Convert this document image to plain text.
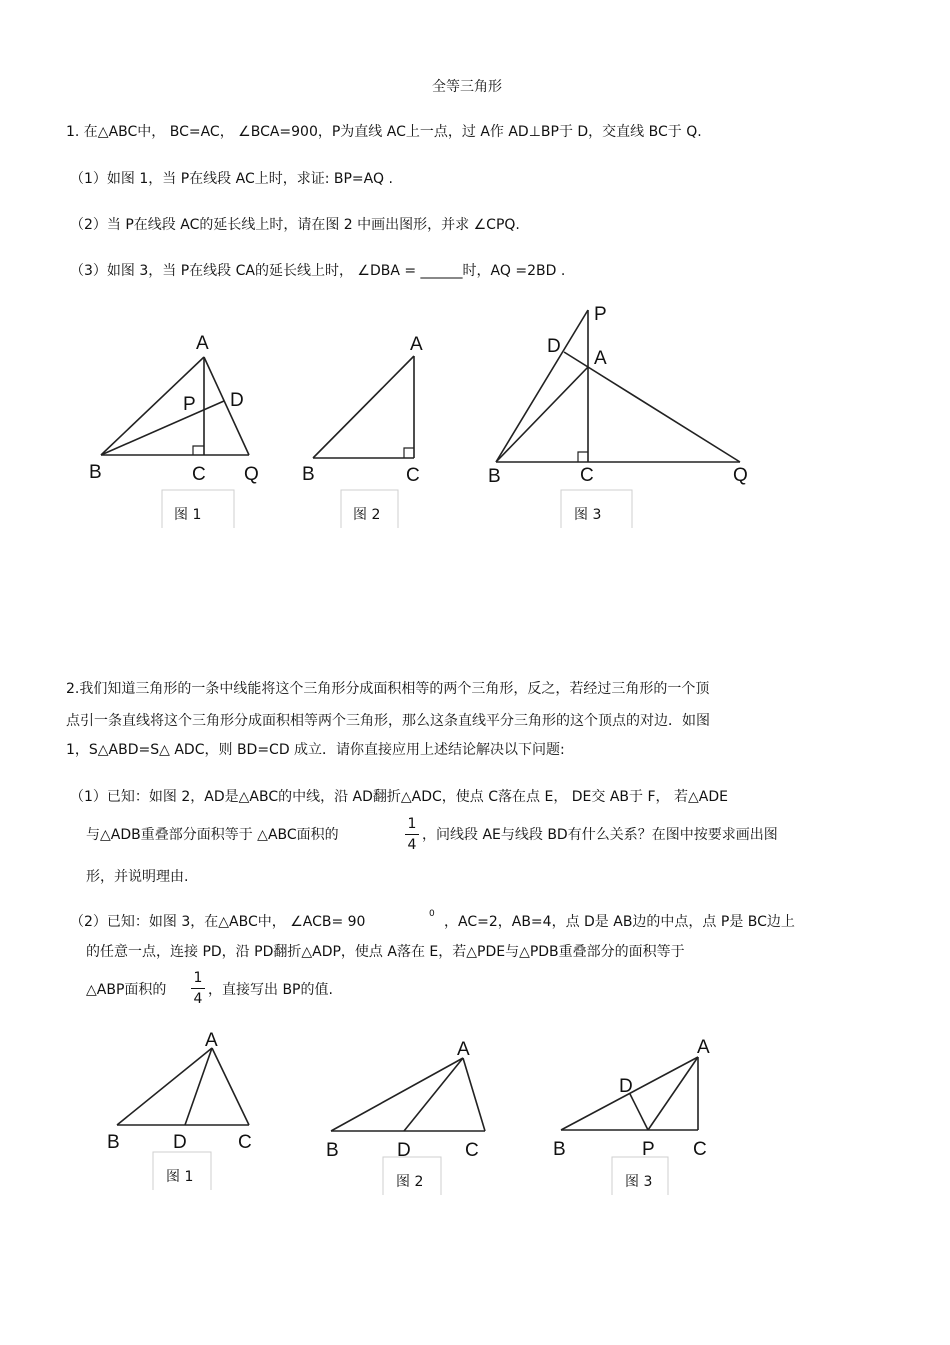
全等三角形
1. 在△ABC中， BC=AC， ∠BCA=900，P为直线 AC上一点，过 A作 AD⊥BP于 D，交直线 BC于 Q.
（1）如图 1，当 P在线段 AC上时，求证: BP=AQ .
（2）当 P在线段 AC的延长线上时，请在图 2 中画出图形，并求 ∠CPQ.
（3）如图 3，当 P在线段 CA的延长线上时， ∠DBA = ______时，AQ =2BD .
A
P D
B	C Q
图 1
A
B	C
图 2
P
D
A
B	C	Q
图 3
A
B	D	C
图 1
A
B	D	C
图 2
A
D
B	P C
图 3
2.我们知道三角形的一条中线能将这个三角形分成面积相等的两个三角形，反之，若经过三角形的一个顶
点引一条直线将这个三角形分成面积相等两个三角形，那么这条直线平分三角形的这个顶点的对边．如图
1，S△ABD=S△ ADC，则 BD=CD 成立．请你直接应用上述结论解决以下问题:
（1）已知：如图 2，AD是△ABC的中线，沿 AD翻折△ADC，使点 C落在点 E， DE交 AB于 F， 若△ADE
与△ADB重叠部分面积等于 △ABC面积的
1
4
，问线段 AE与线段 BD有什么关系？在图中按要求画出图
形，并说明理由.
（2）已知：如图 3，在△ABC中， ∠ACB= 90	0 ，AC=2，AB=4，点 D是 AB边的中点，点 P是 BC边上
的任意一点，连接 PD，沿 PD翻折△ADP，使点 A落在 E，若△PDE与△PDB重叠部分的面积等于
△ABP面积的
1
4
，直接写出 BP的值.
